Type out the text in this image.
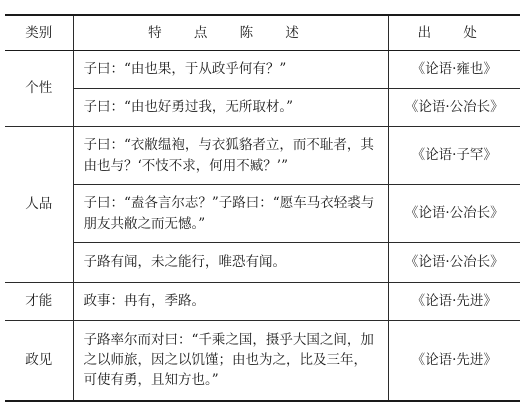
类别	特 点 陈 述	出 处
个性	子曰：“由也果，于从政乎何有？”	《论语·雍也》
	子曰：“由也好勇过我，无所取材。”	《论语·公冶长》
人品	子曰：“衣敝缊袍，与衣狐貉者立，而不耻者，其由也与？‘不忮不求，何用不臧？’”	《论语·子罕》
	子曰：“盍各言尔志？”子路曰：“愿车马衣轻裘与朋友共敝之而无憾。”	《论语·公冶长》
	子路有闻，未之能行，唯恐有闻。	《论语·公冶长》
才能	政事：冉有，季路。	《论语·先进》
政见	子路率尔而对曰：“千乘之国，摄乎大国之间，加之以师旅，因之以饥馑；由也为之，比及三年，可使有勇，且知方也。”	《论语·先进》
